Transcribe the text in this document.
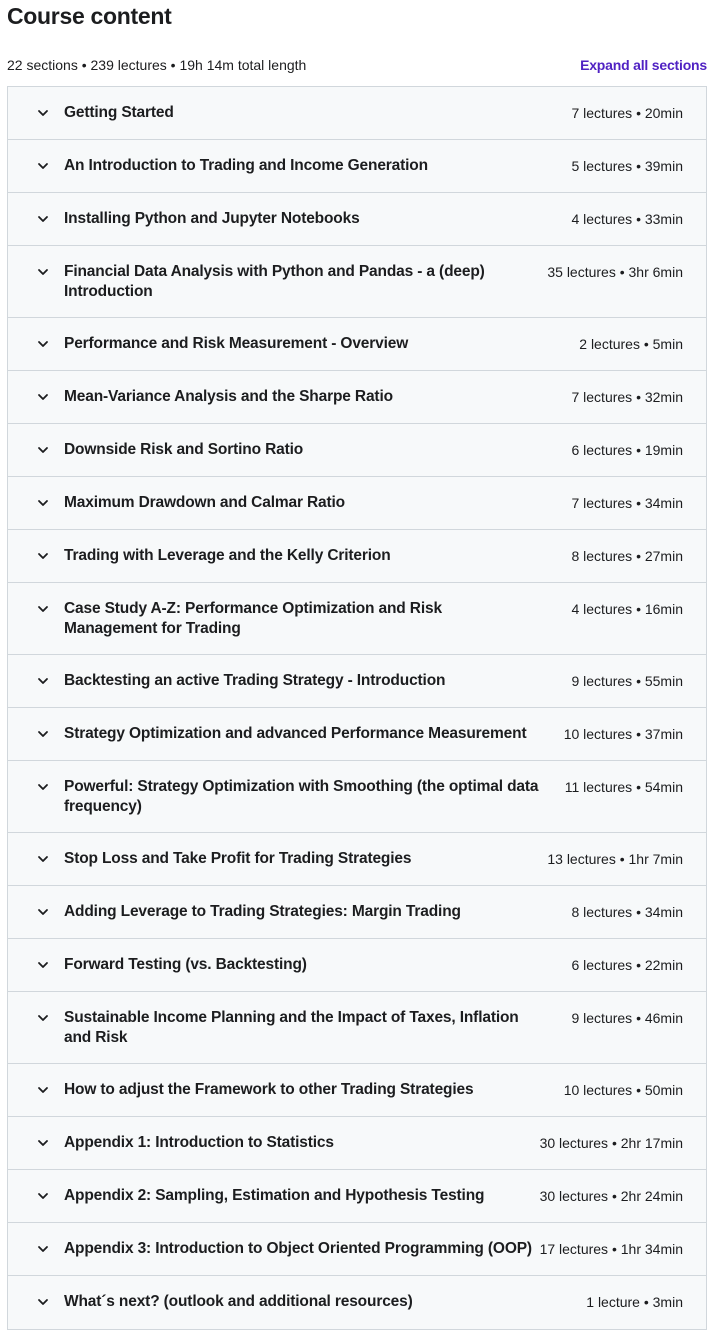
Course content
22 sections • 239 lectures • 19h 14m total length	Expand all sections
Getting Started	7 lectures • 20min
An Introduction to Trading and Income Generation	5 lectures • 39min
Installing Python and Jupyter Notebooks	4 lectures • 33min
Financial Data Analysis with Python and Pandas - a (deep) Introduction
35 lectures • 3hr 6min
Performance and Risk Measurement - Overview	2 lectures • 5min
Mean-Variance Analysis and the Sharpe Ratio	7 lectures • 32min
Downside Risk and Sortino Ratio	6 lectures • 19min
Maximum Drawdown and Calmar Ratio	7 lectures • 34min
Trading with Leverage and the Kelly Criterion	8 lectures • 27min
Case Study A-Z: Performance Optimization and Risk Management for Trading
4 lectures • 16min
Backtesting an active Trading Strategy - Introduction	9 lectures • 55min
Strategy Optimization and advanced Performance Measurement	10 lectures • 37min
Powerful: Strategy Optimization with Smoothing (the optimal data frequency)
11 lectures • 54min
Stop Loss and Take Profit for Trading Strategies	13 lectures • 1hr 7min
Adding Leverage to Trading Strategies: Margin Trading	8 lectures • 34min
Forward Testing (vs. Backtesting)	6 lectures • 22min
Sustainable Income Planning and the Impact of Taxes, Inflation and Risk
9 lectures • 46min
How to adjust the Framework to other Trading Strategies	10 lectures • 50min
Appendix 1: Introduction to Statistics	30 lectures • 2hr 17min
Appendix 2: Sampling, Estimation and Hypothesis Testing	30 lectures • 2hr 24min
Appendix 3: Introduction to Object Oriented Programming (OOP) 17 lectures • 1hr 34min
What´s next? (outlook and additional resources)	1 lecture • 3min
